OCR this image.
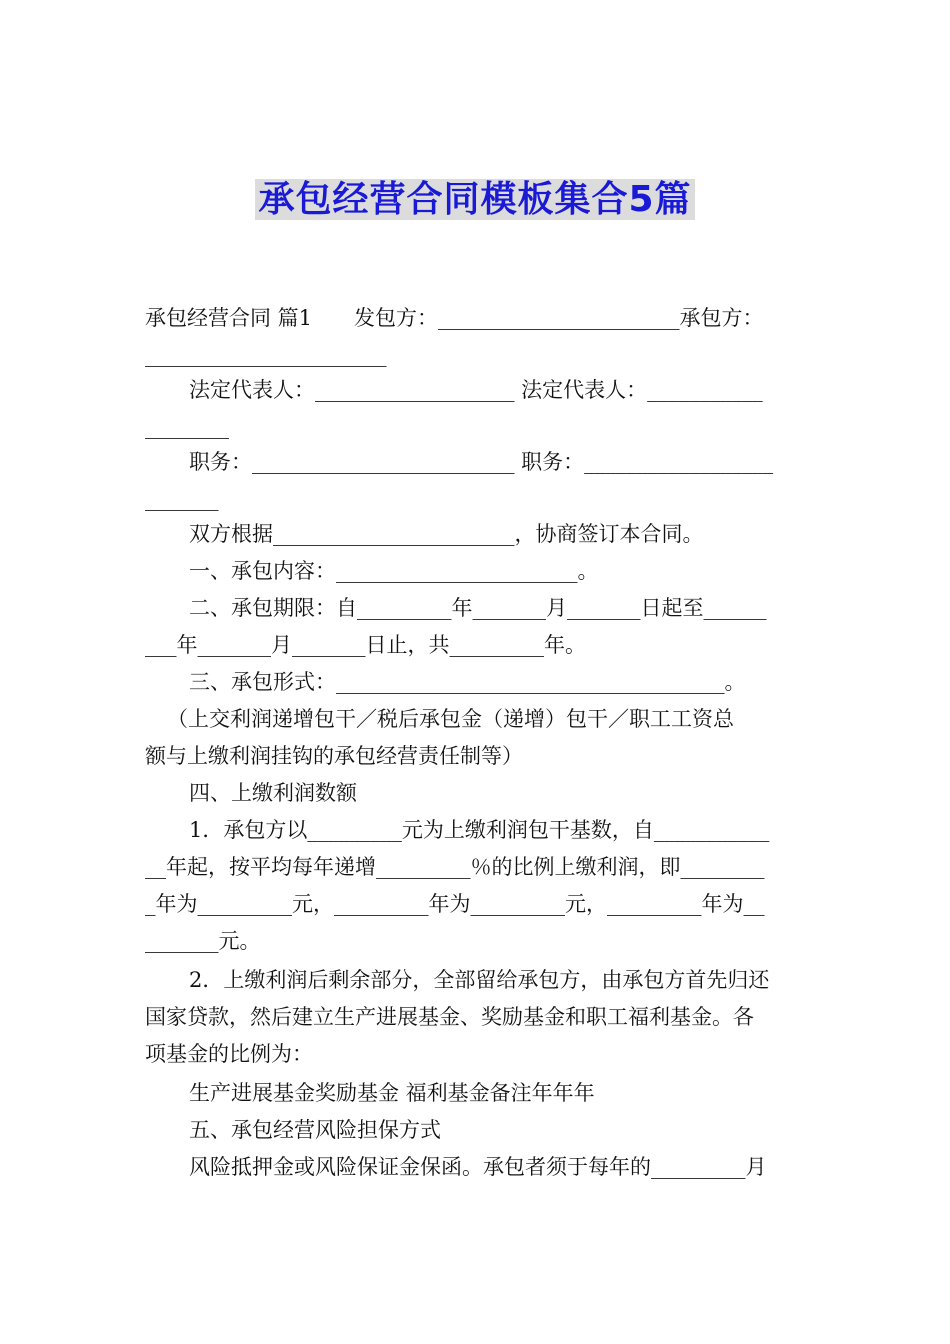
承包经营合同模板集合5篇
承包经营合同 篇1　　发包方：_______________________承包方：
_______________________
法定代表人：___________________ 法定代表人：___________
________
职务：_________________________ 职务：__________________
_______
双方根据_______________________，协商签订本合同。
一、承包内容：_______________________。
二、承包期限：自_________年_______月_______日起至______
___年_______月_______日止，共_________年。
三、承包形式：_____________________________________。
（上交利润递增包干／税后承包金（递增）包干／职工工资总
额与上缴利润挂钩的承包经营责任制等）
四、上缴利润数额
1．承包方以_________元为上缴利润包干基数，自___________
__年起，按平均每年递增_________％的比例上缴利润，即________
_年为_________元，_________年为_________元，_________年为__
_______元。
2．上缴利润后剩余部分，全部留给承包方，由承包方首先归还
国家贷款，然后建立生产进展基金、奖励基金和职工福利基金。各
项基金的比例为：
生产进展基金奖励基金 福利基金备注年年年
五、承包经营风险担保方式
风险抵押金或风险保证金保函。承包者须于每年的_________月
